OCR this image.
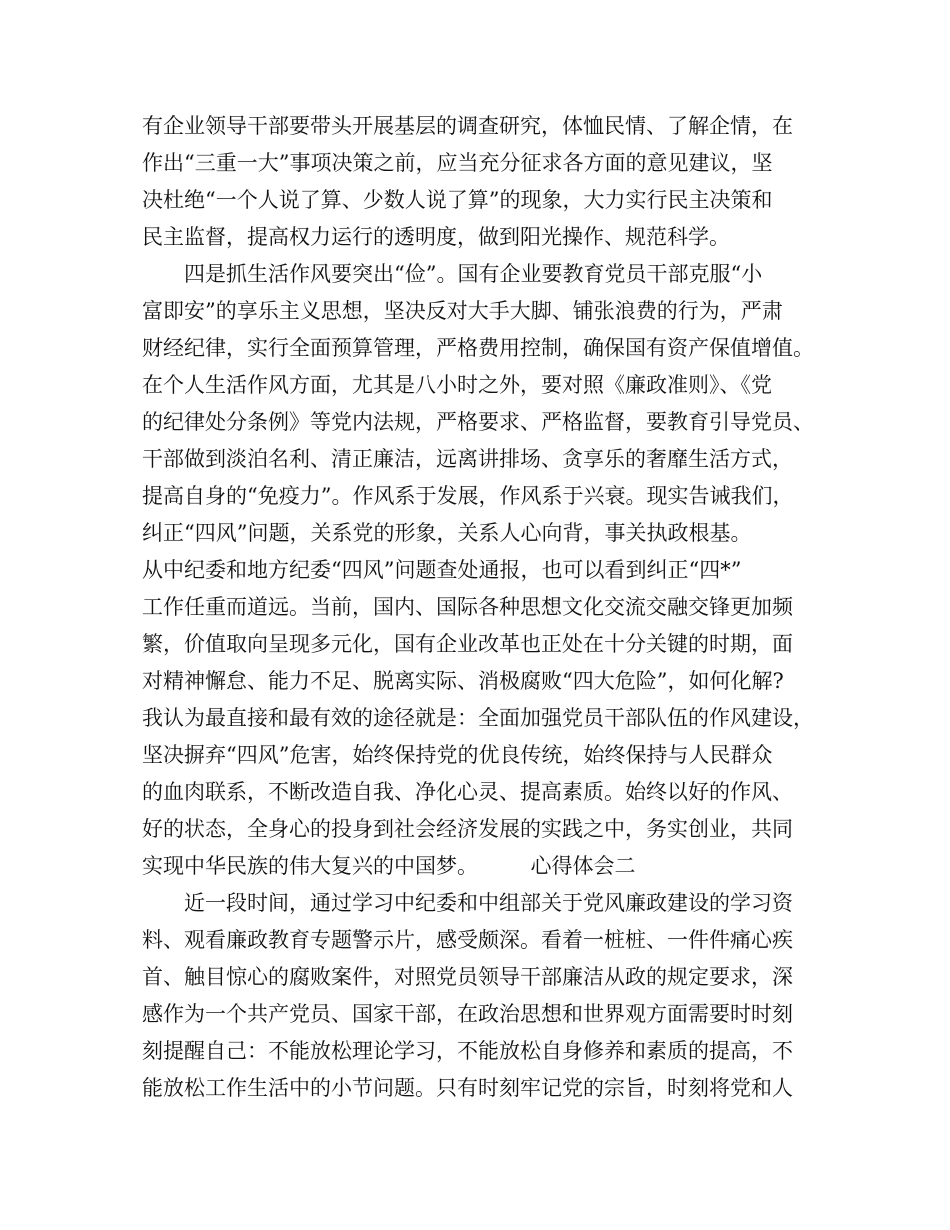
有企业领导干部要带头开展基层的调查研究，体恤民情、了解企情，在
作出“三重一大”事项决策之前，应当充分征求各方面的意见建议，坚
决杜绝“一个人说了算、少数人说了算”的现象，大力实行民主决策和
民主监督，提高权力运行的透明度，做到阳光操作、规范科学。
四是抓生活作风要突出“俭”。国有企业要教育党员干部克服“小
富即安”的享乐主义思想，坚决反对大手大脚、铺张浪费的行为，严肃
财经纪律，实行全面预算管理，严格费用控制，确保国有资产保值增值。
在个人生活作风方面，尤其是八小时之外，要对照《廉政准则》、《党
的纪律处分条例》等党内法规，严格要求、严格监督，要教育引导党员、
干部做到淡泊名利、清正廉洁，远离讲排场、贪享乐的奢靡生活方式，
提高自身的“免疫力”。作风系于发展，作风系于兴衰。现实告诫我们，
纠正“四风”问题，关系党的形象，关系人心向背，事关执政根基。
从中纪委和地方纪委“四风”问题查处通报，也可以看到纠正“四*”
工作任重而道远。当前，国内、国际各种思想文化交流交融交锋更加频
繁，价值取向呈现多元化，国有企业改革也正处在十分关键的时期，面
对精神懈怠、能力不足、脱离实际、消极腐败“四大危险”，如何化解?
我认为最直接和最有效的途径就是：全面加强党员干部队伍的作风建设，
坚决摒弃“四风”危害，始终保持党的优良传统，始终保持与人民群众
的血肉联系，不断改造自我、净化心灵、提高素质。始终以好的作风、
好的状态，全身心的投身到社会经济发展的实践之中，务实创业，共同
实现中华民族的伟大复兴的中国梦。　　　心得体会二
近一段时间，通过学习中纪委和中组部关于党风廉政建设的学习资
料、观看廉政教育专题警示片，感受颇深。看着一桩桩、一件件痛心疾
首、触目惊心的腐败案件，对照党员领导干部廉洁从政的规定要求，深
感作为一个共产党员、国家干部，在政治思想和世界观方面需要时时刻
刻提醒自己：不能放松理论学习，不能放松自身修养和素质的提高，不
能放松工作生活中的小节问题。只有时刻牢记党的宗旨，时刻将党和人
